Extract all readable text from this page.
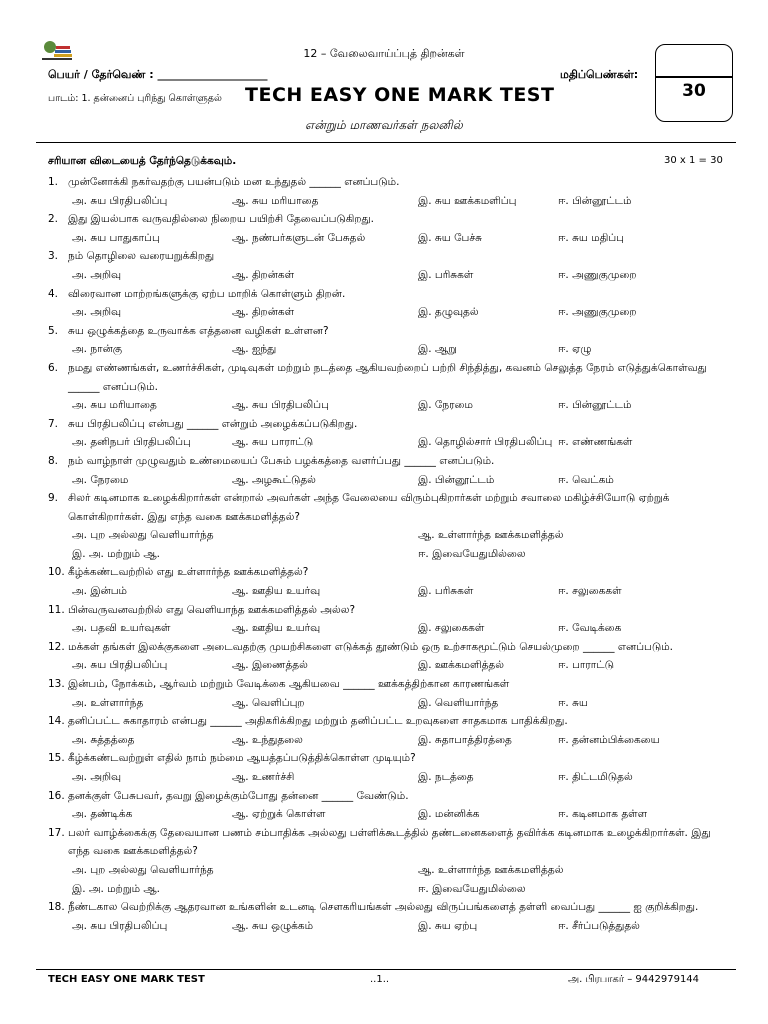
12 – வேலைவாய்ப்புத் திறன்கள்
பெயர் / தேர்வெண் : ____________________	மதிப்பெண்கள்:
பாடம்: 1. தன்னைப் புரிந்து கொள்ளுதல் TECH EASY ONE MARK TEST
என்றும் மாணவர்கள் நலனில்
30
சரியான விடையைத் தேர்ந்தெடுக்கவும்.	30 x 1 = 30
1. முன்னோக்கி நகர்வதற்கு பயன்படும் மன உந்துதல் ______ எனப்படும்.
அ. சுய பிரதிபலிப்பு	ஆ. சுய மரியாதை	இ. சுய ஊக்கமளிப்பு	ஈ. பின்னூட்டம்
2. இது இயல்பாக வருவதில்லை நிறைய பயிற்சி தேவைப்படுகிறது.
அ. சுய பாதுகாப்பு	ஆ. நண்பர்களுடன் பேசுதல்	இ. சுய பேச்சு	ஈ. சுய மதிப்பு
3. நம் தொழிலை வரையறுக்கிறது
அ. அறிவு	ஆ. திறன்கள்	இ. பரிசுகள்	ஈ. அணுகுமுறை
4. விரைவான மாற்றங்களுக்கு ஏற்ப மாறிக் கொள்ளும் திறன்.
அ. அறிவு	ஆ. திறன்கள்	இ. தழுவுதல்	ஈ. அணுகுமுறை
5. சுய ஒழுக்கத்தை உருவாக்க எத்தனை வழிகள் உள்ளன?
அ. நான்கு	ஆ. ஐந்து	இ. ஆறு	ஈ. ஏழு
6. நமது எண்ணங்கள், உணர்ச்சிகள், முடிவுகள் மற்றும் நடத்தை ஆகியவற்றைப் பற்றி சிந்தித்து, கவனம் செலுத்த நேரம் எடுத்துக்கொள்வது ______ எனப்படும்.
அ. சுய மரியாதை	ஆ. சுய பிரதிபலிப்பு	இ. நேரமை	ஈ. பின்னூட்டம்
7. சுய பிரதிபலிப்பு என்பது ______ என்றும் அழைக்கப்படுகிறது.
அ. தனிநபர் பிரதிபலிப்பு	ஆ. சுய பாராட்டு	இ. தொழில்சார் பிரதிபலிப்பு ஈ. எண்ணங்கள்
8. நம் வாழ்நாள் முழுவதும் உண்மையைப் பேசும் பழக்கத்தை வளர்ப்பது ______ எனப்படும்.
அ. நேரமை	ஆ. அழகூட்டுதல்	இ. பின்னூட்டம்	ஈ. வெட்கம்
9. சிலர் கடினமாக உழைக்கிறார்கள் என்றால் அவர்கள் அந்த வேலையை விரும்புகிறார்கள் மற்றும் சவாலை மகிழ்ச்சியோடு ஏற்றுக் கொள்கிறார்கள். இது எந்த வகை ஊக்கமளித்தல்?
அ. புற அல்லது வெளியார்ந்த	ஆ. உள்ளார்ந்த ஊக்கமளித்தல்
இ. அ. மற்றும் ஆ.	ஈ. இவையேதுமில்லை
10. கீழ்க்கண்டவற்றில் எது உள்ளார்ந்த ஊக்கமளித்தல்?
அ. இன்பம்	ஆ. ஊதிய உயர்வு	இ. பரிசுகள்	ஈ. சலுகைகள்
11. பின்வருவனவற்றில் எது வெளியாந்த ஊக்கமளித்தல் அல்ல?
அ. பதவி உயர்வுகள்	ஆ. ஊதிய உயர்வு	இ. சலுகைகள்	ஈ. வேடிக்கை
12. மக்கள் தங்கள் இலக்குகளை அடைவதற்கு முயற்சிகளை எடுக்கத் தூண்டும் ஒரு உற்சாகமூட்டும் செயல்முறை ______ எனப்படும்.
அ. சுய பிரதிபலிப்பு	ஆ. இணைத்தல்	இ. ஊக்கமளித்தல்	ஈ. பாராட்டு
13. இன்பம், நோக்கம், ஆர்வம் மற்றும் வேடிக்கை ஆகியவை ______ ஊக்கத்திற்கான காரணங்கள்
அ. உள்ளார்ந்த	ஆ. வெளிப்புற	இ. வெளியார்ந்த	ஈ. சுய
14. தனிப்பட்ட சுகாதாரம் என்பது ______ அதிகரிக்கிறது மற்றும் தனிப்பட்ட உறவுகளை சாதகமாக பாதிக்கிறது.
அ. சுத்தத்தை	ஆ. உந்துதலை	இ. சுதாபாத்திரத்தை	ஈ. தன்னம்பிக்கையை
15. கீழ்க்கண்டவற்றுள் எதில் நாம் நம்மை ஆயத்தப்படுத்திக்கொள்ள முடியும்?
அ. அறிவு	ஆ. உணர்ச்சி	இ. நடத்தை	ஈ. திட்டமிடுதல்
16. தனக்குள் பேசுபவர், தவறு இழைக்கும்போது தன்னை ______ வேண்டும்.
அ. தண்டிக்க	ஆ. ஏற்றுக் கொள்ள	இ. மன்னிக்க	ஈ. கடினமாக தள்ள
17. பலர் வாழ்க்கைக்கு தேவையான பணம் சம்பாதிக்க அல்லது பள்ளிக்கூடத்தில் தண்டனைகளைத் தவிர்க்க கடினமாக உழைக்கிறார்கள். இது எந்த வகை ஊக்கமளித்தல்?
அ. புற அல்லது வெளியார்ந்த	ஆ. உள்ளார்ந்த ஊக்கமளித்தல்
இ. அ. மற்றும் ஆ.	ஈ. இவையேதுமில்லை
18. நீண்டகால வெற்றிக்கு ஆதரவான உங்களின் உடனடி சௌகரியங்கள் அல்லது விருப்பங்களைத் தள்ளி வைப்பது ______ ஐ குறிக்கிறது.
அ. சுய பிரதிபலிப்பு	ஆ. சுய ஒழுக்கம்	இ. சுய ஏற்பு	ஈ. சீர்ப்படுத்துதல்
TECH EASY ONE MARK TEST	..1..	அ. பிரபாகர் – 9442979144
